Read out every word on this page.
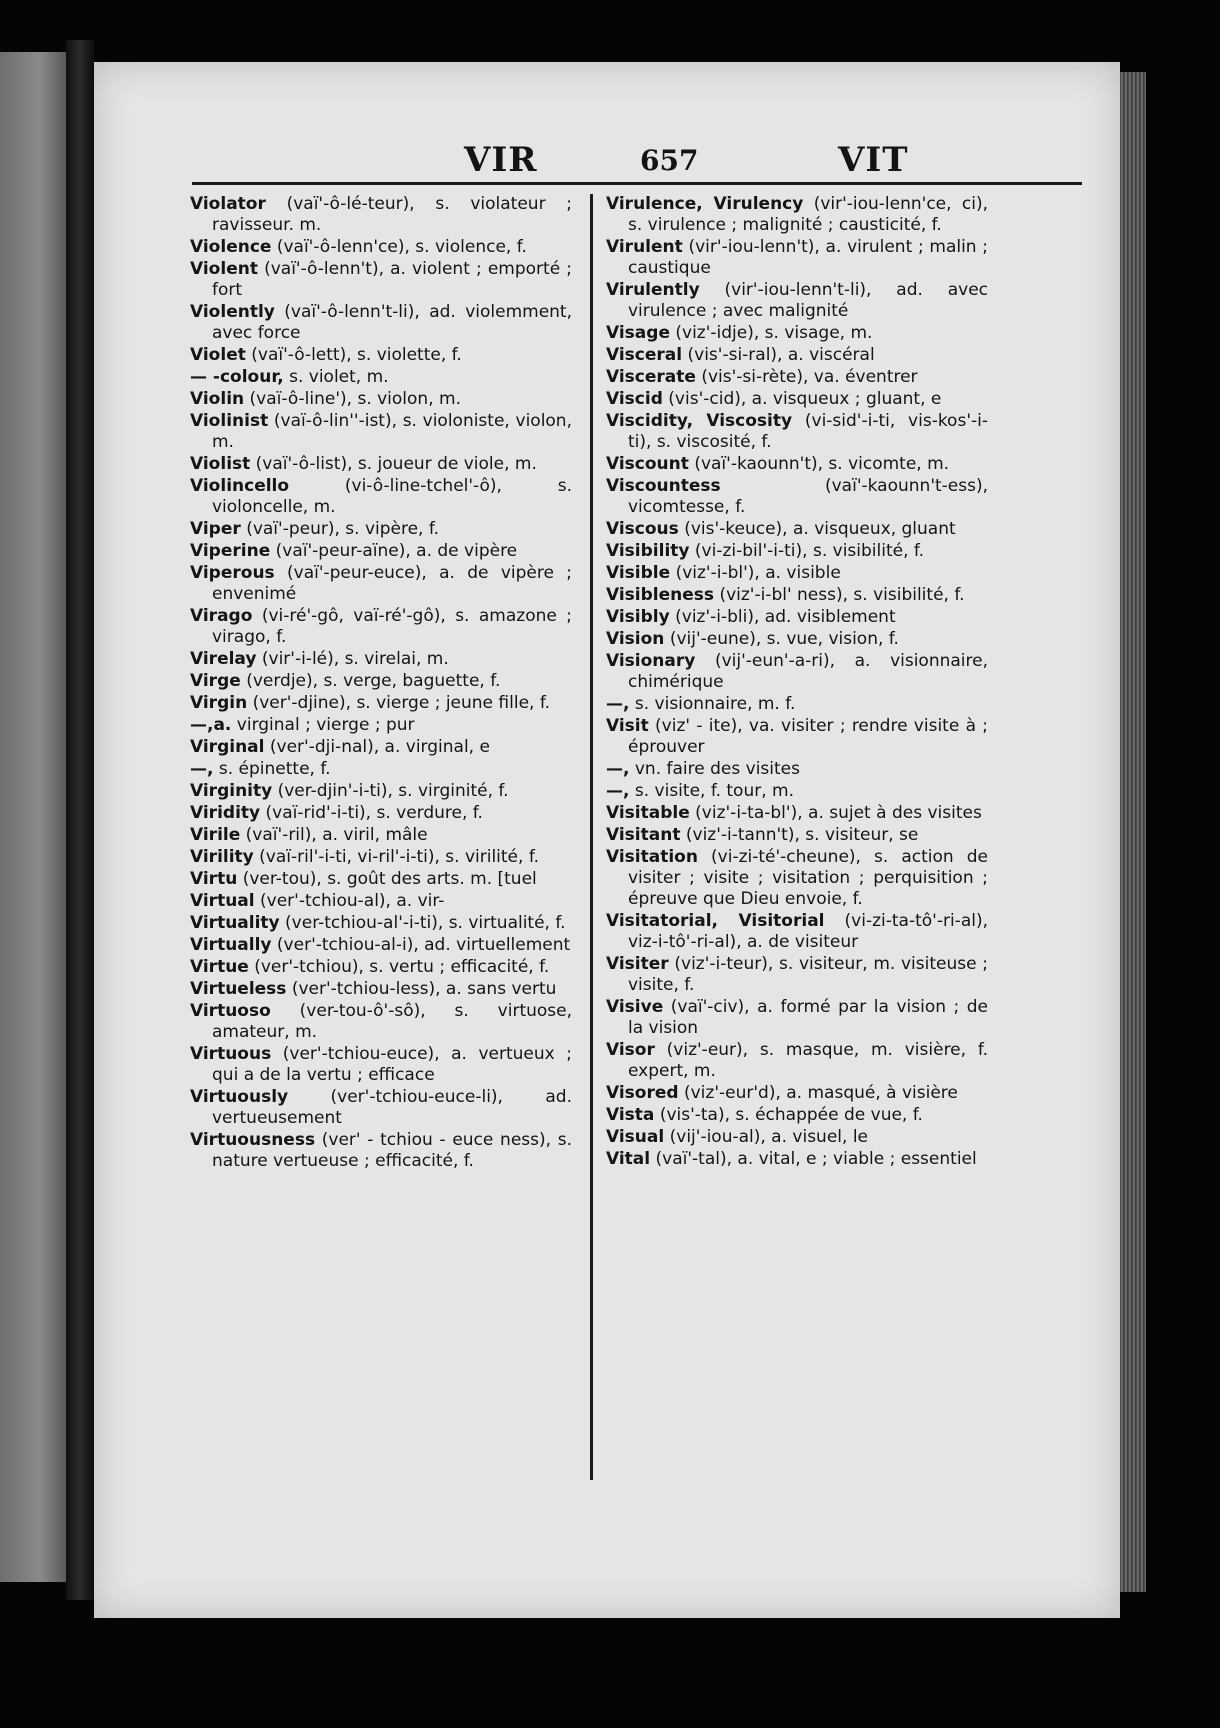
VIR	657	VIT
Violator (vaï'-ô-lé-teur), s. violateur ; ravisseur. m.
Violence (vaï'-ô-lenn'ce), s. violence, f.
Violent (vaï'-ô-lenn't), a. violent ; emporté ; fort
Violently (vaï'-ô-lenn't-li), ad. violemment, avec force
Violet (vaï'-ô-lett), s. violette, f.
— -colour, s. violet, m.
Violin (vaï-ô-line'), s. violon, m.
Violinist (vaï-ô-lin''-ist), s. violoniste, violon, m.
Violist (vaï'-ô-list), s. joueur de viole, m.
Violincello	(vi-ô-line-tchel'-ô), s. violoncelle, m.
Viper (vaï'-peur), s. vipère, f.
Viperine (vaï'-peur-aïne), a. de vipère
Viperous (vaï'-peur-euce), a. de vipère ; envenimé
Virago (vi-ré'-gô, vaï-ré'-gô), s. amazone ; virago, f.
Virelay (vir'-i-lé), s. virelai, m.
Virge (verdje), s. verge, baguette, f.
Virgin (ver'-djine), s. vierge ; jeune fille, f.
—,a. virginal ; vierge ; pur
Virginal (ver'-dji-nal), a. virginal, e
—, s. épinette, f.
Virginity (ver-djin'-i-ti), s. virginité, f.
Viridity (vaï-rid'-i-ti), s. verdure, f.
Virile (vaï'-ril), a. viril, mâle
Virility (vaï-ril'-i-ti, vi-ril'-i-ti), s. virilité, f.
Virtu (ver-tou), s. goût des arts. m. [tuel
Virtual (ver'-tchiou-al), a. vir-
Virtuality (ver-tchiou-al'-i-ti), s. virtualité, f.
Virtually (ver'-tchiou-al-i), ad. virtuellement
Virtue (ver'-tchiou), s. vertu ; efficacité, f.
Virtueless (ver'-tchiou-less), a. sans vertu
Virtuoso (ver-tou-ô'-sô), s. virtuose, amateur, m.
Virtuous (ver'-tchiou-euce), a. vertueux ; qui a de la vertu ; efficace
Virtuously (ver'-tchiou-euce-li), ad. vertueusement
Virtuousness (ver' - tchiou - euce ness), s. nature vertueuse ; efficacité, f.
Virulence, Virulency (vir'-iou-lenn'ce, ci), s. virulence ; malignité ; causticité, f.
Virulent (vir'-iou-lenn't), a. virulent ; malin ; caustique
Virulently (vir'-iou-lenn't-li), ad. avec virulence ; avec malignité
Visage (viz'-idje), s. visage, m.
Visceral (vis'-si-ral), a. viscéral
Viscerate (vis'-si-rète), va. éventrer
Viscid (vis'-cid), a. visqueux ; gluant, e
Viscidity, Viscosity (vi-sid'-i-ti, vis-kos'-i-ti), s. viscosité, f.
Viscount (vaï'-kaounn't), s. vicomte, m.
Viscountess	(vaï'-kaounn't-ess), vicomtesse, f.
Viscous (vis'-keuce), a. visqueux, gluant
Visibility (vi-zi-bil'-i-ti), s. visibilité, f.
Visible (viz'-i-bl'), a. visible
Visibleness (viz'-i-bl' ness), s. visibilité, f.
Visibly (viz'-i-bli), ad. visiblement
Vision (vij'-eune), s. vue, vision, f.
Visionary (vij'-eun'-a-ri), a. visionnaire, chimérique
—, s. visionnaire, m. f.
Visit (viz' - ite), va. visiter ; rendre visite à ; éprouver
—, vn. faire des visites
—, s. visite, f. tour, m.
Visitable (viz'-i-ta-bl'), a. sujet à des visites
Visitant (viz'-i-tann't), s. visiteur, se
Visitation (vi-zi-té'-cheune), s. action de visiter ; visite ; visitation ; perquisition ; épreuve que Dieu envoie, f.
Visitatorial, Visitorial (vi-zi-ta-tô'-ri-al), viz-i-tô'-ri-al), a. de visiteur
Visiter (viz'-i-teur), s. visiteur, m. visiteuse ; visite, f.
Visive (vaï'-civ), a. formé par la vision ; de la vision
Visor (viz'-eur), s. masque, m. visière, f. expert, m.
Visored (viz'-eur'd), a. masqué, à visière
Vista (vis'-ta), s. échappée de vue, f.
Visual (vij'-iou-al), a. visuel, le
Vital (vaï'-tal), a. vital, e ; viable ; essentiel
